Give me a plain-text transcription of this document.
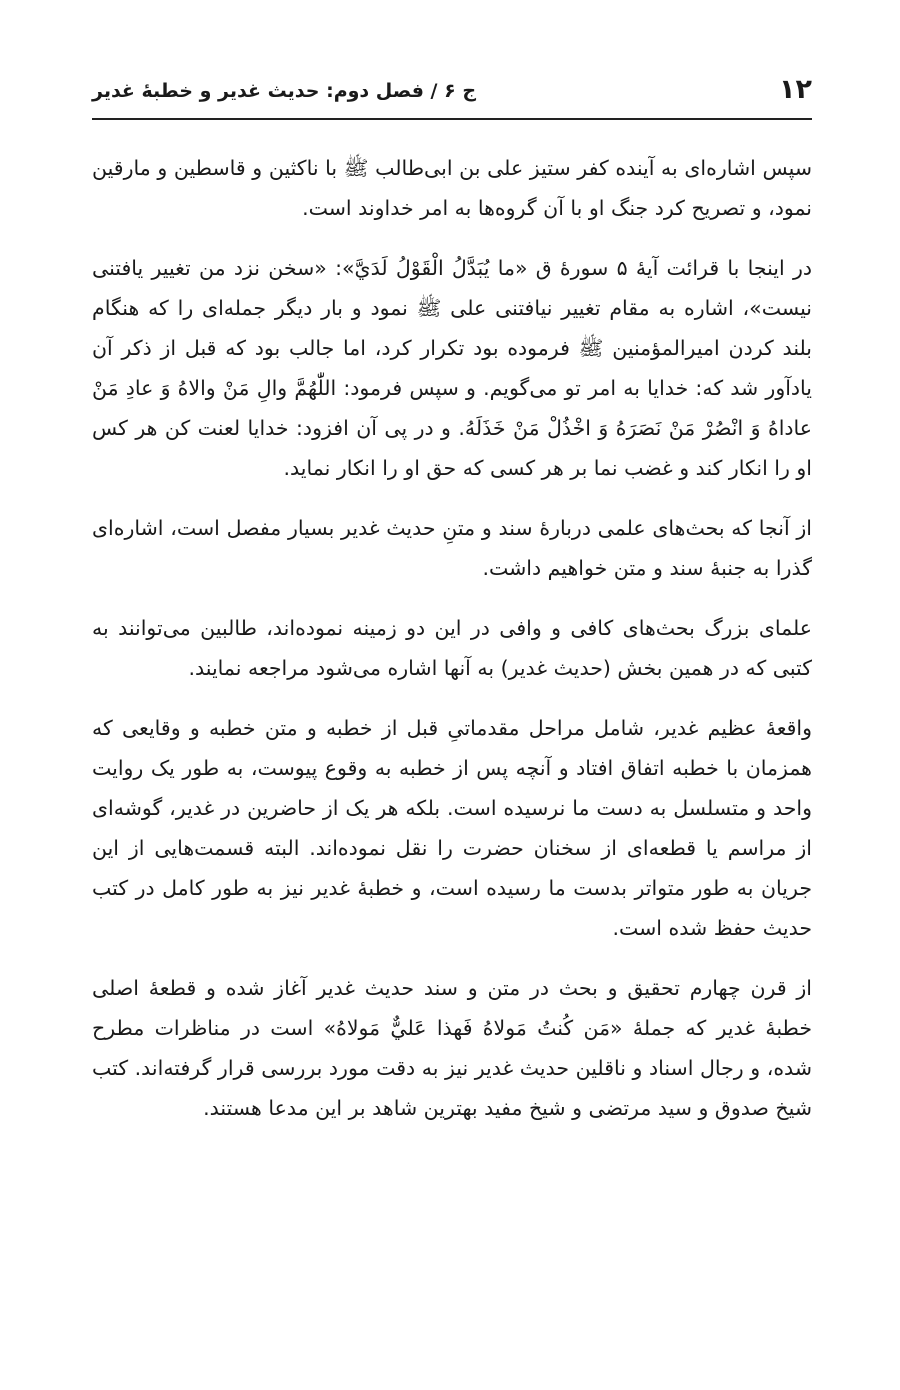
۱۲
ج ۶ / فصل دوم: حدیث غدیر و خطبهٔ غدیر

سپس اشاره‌ای به آینده کفر ستیز علی بن ابی‌طالب ﷺ با ناکثین و قاسطین و مارقین نمود، و تصریح کرد جنگ او با آن گروه‌ها به امر خداوند است.

در اینجا با قرائت آیهٔ ۵ سورهٔ ق «ما يُبَدَّلُ الْقَوْلُ لَدَيَّ»: «سخن نزد من تغییر یافتنی نیست»، اشاره به مقام تغییر نیافتنی علی ﷺ نمود و بار دیگر جمله‌ای را که هنگام بلند کردن امیرالمؤمنین ﷺ فرموده بود تکرار کرد، اما جالب بود که قبل از ذکر آن یادآور شد که: خدایا به امر تو می‌گویم. و سپس فرمود: اللّٰهُمَّ والِ مَنْ والاهُ وَ عادِ مَنْ عاداهُ وَ انْصُرْ مَنْ نَصَرَهُ وَ اخْذُلْ مَنْ خَذَلَهُ. و در پی آن افزود: خدایا لعنت کن هر کس او را انکار کند و غضب نما بر هر کسی که حق او را انکار نماید.

از آنجا که بحث‌های علمی دربارهٔ سند و متنِ حدیث غدیر بسیار مفصل است، اشاره‌ای گذرا به جنبهٔ سند و متن خواهیم داشت.

علمای بزرگ بحث‌های کافی و وافی در این دو زمینه نموده‌اند، طالبین می‌توانند به کتبی که در همین بخش (حدیث غدیر) به آنها اشاره می‌شود مراجعه نمایند.

واقعهٔ عظیم غدیر، شامل مراحل مقدماتیِ قبل از خطبه و متن خطبه و وقایعی که همزمان با خطبه اتفاق افتاد و آنچه پس از خطبه به وقوع پیوست، به طور یک روایت واحد و متسلسل به دست ما نرسیده است. بلکه هر یک از حاضرین در غدیر، گوشه‌ای از مراسم یا قطعه‌ای از سخنان حضرت را نقل نموده‌اند. البته قسمت‌هایی از این جریان به طور متواتر بدست ما رسیده است، و خطبهٔ غدیر نیز به طور کامل در کتب حدیث حفظ شده است.

از قرن چهارم تحقیق و بحث در متن و سند حدیث غدیر آغاز شده و قطعهٔ اصلی خطبهٔ غدیر که جملهٔ «مَن كُنتُ مَولاهُ فَهذا عَليٌّ مَولاهُ» است در مناظرات مطرح شده، و رجال اسناد و ناقلین حدیث غدیر نیز به دقت مورد بررسی قرار گرفته‌اند. کتب شیخ صدوق و سید مرتضی و شیخ مفید بهترین شاهد بر این مدعا هستند.
